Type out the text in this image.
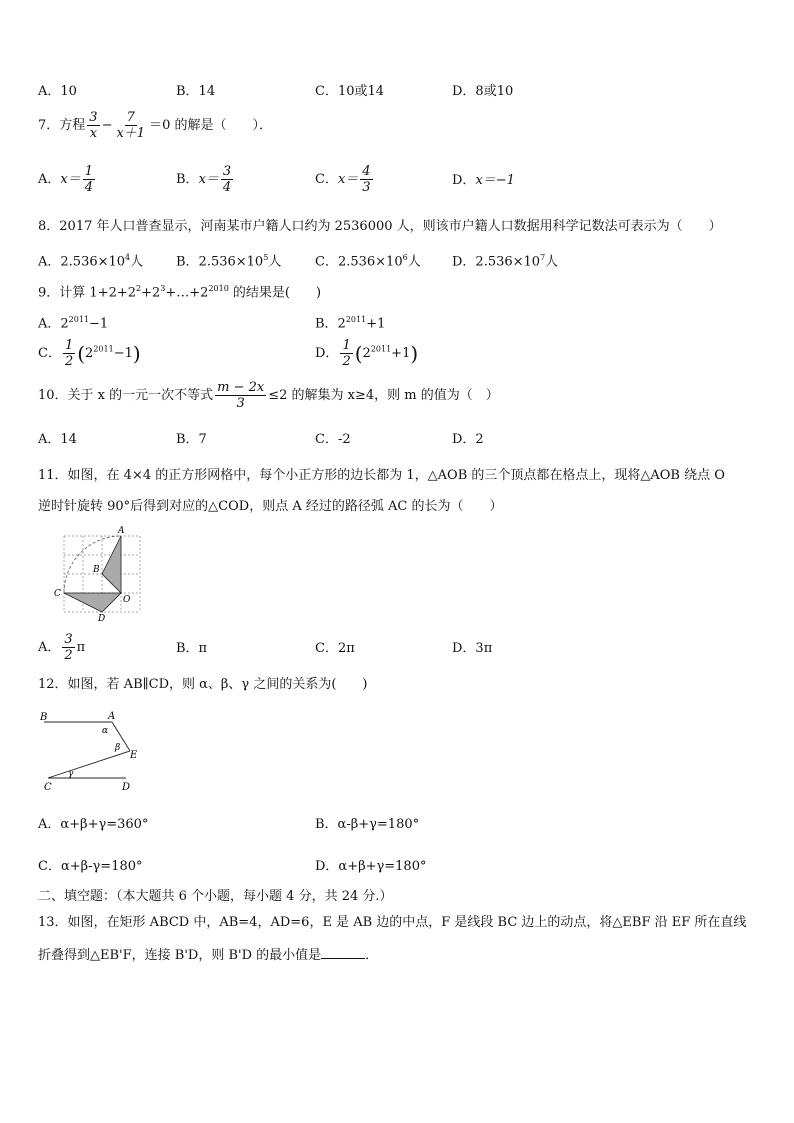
A．10	B．14	C．10或14	D．8或10
7．方程 $\frac{3}{x} - \frac{7}{x+1} =0$ 的解是（　　）．
A．$x= \frac{1}{4}$	B．$x= \frac{3}{4}$	C．$x= \frac{4}{3}$	D．x＝−1
8．2017 年人口普查显示，河南某市户籍人口约为 2536000 人，则该市户籍人口数据用科学记数法可表示为（　　）
A．$2.536\times 10^4$人	B．$2.536\times 10^5$人	C．$2.536\times 10^6$人 D．$2.536\times 10^7$人
9．计算 $1+2+2^2+2^3+\dots+2^{2010}$ 的结果是(　　)
A．$2^{2011}-1$	B．$2^{2011}+1$
C． $\frac{1}{2} (2^{2011}-1)$	D． $\frac{1}{2} (2^{2011}+1)$
10．关于 x 的一元一次不等式 $\frac{m - 2x}{3} \le 2$ 的解集为 x≥4，则 m 的值为（　）
A．14	B．7	C．-2	D．2
11．如图，在 4×4 的正方形网格中，每个小正方形的边长都为 1，△AOB 的三个顶点都在格点上，现将△AOB 绕点 O
逆时针旋转 90°后得到对应的△COD，则点 A 经过的路径弧 AC 的长为（　　）
A
B
C
D
O
A． $\frac{3}{2}$ π	B．π	C．2π	D．3π
12．如图，若 AB∥CD，则 α、β、γ 之间的关系为(　　)
B	A
E
C	D
α
β
γ
A．α+β+γ=360°	B．α-β+γ=180°
C．α+β-γ=180°	D．α+β+γ=180°
二、填空题：（本大题共 6 个小题，每小题 4 分，共 24 分.）
13．如图，在矩形 ABCD 中，AB=4，AD=6，E 是 AB 边的中点，F 是线段 BC 边上的动点，将△EBF 沿 EF 所在直线
折叠得到△EB'F，连接 B'D，则 B'D 的最小值是	．
